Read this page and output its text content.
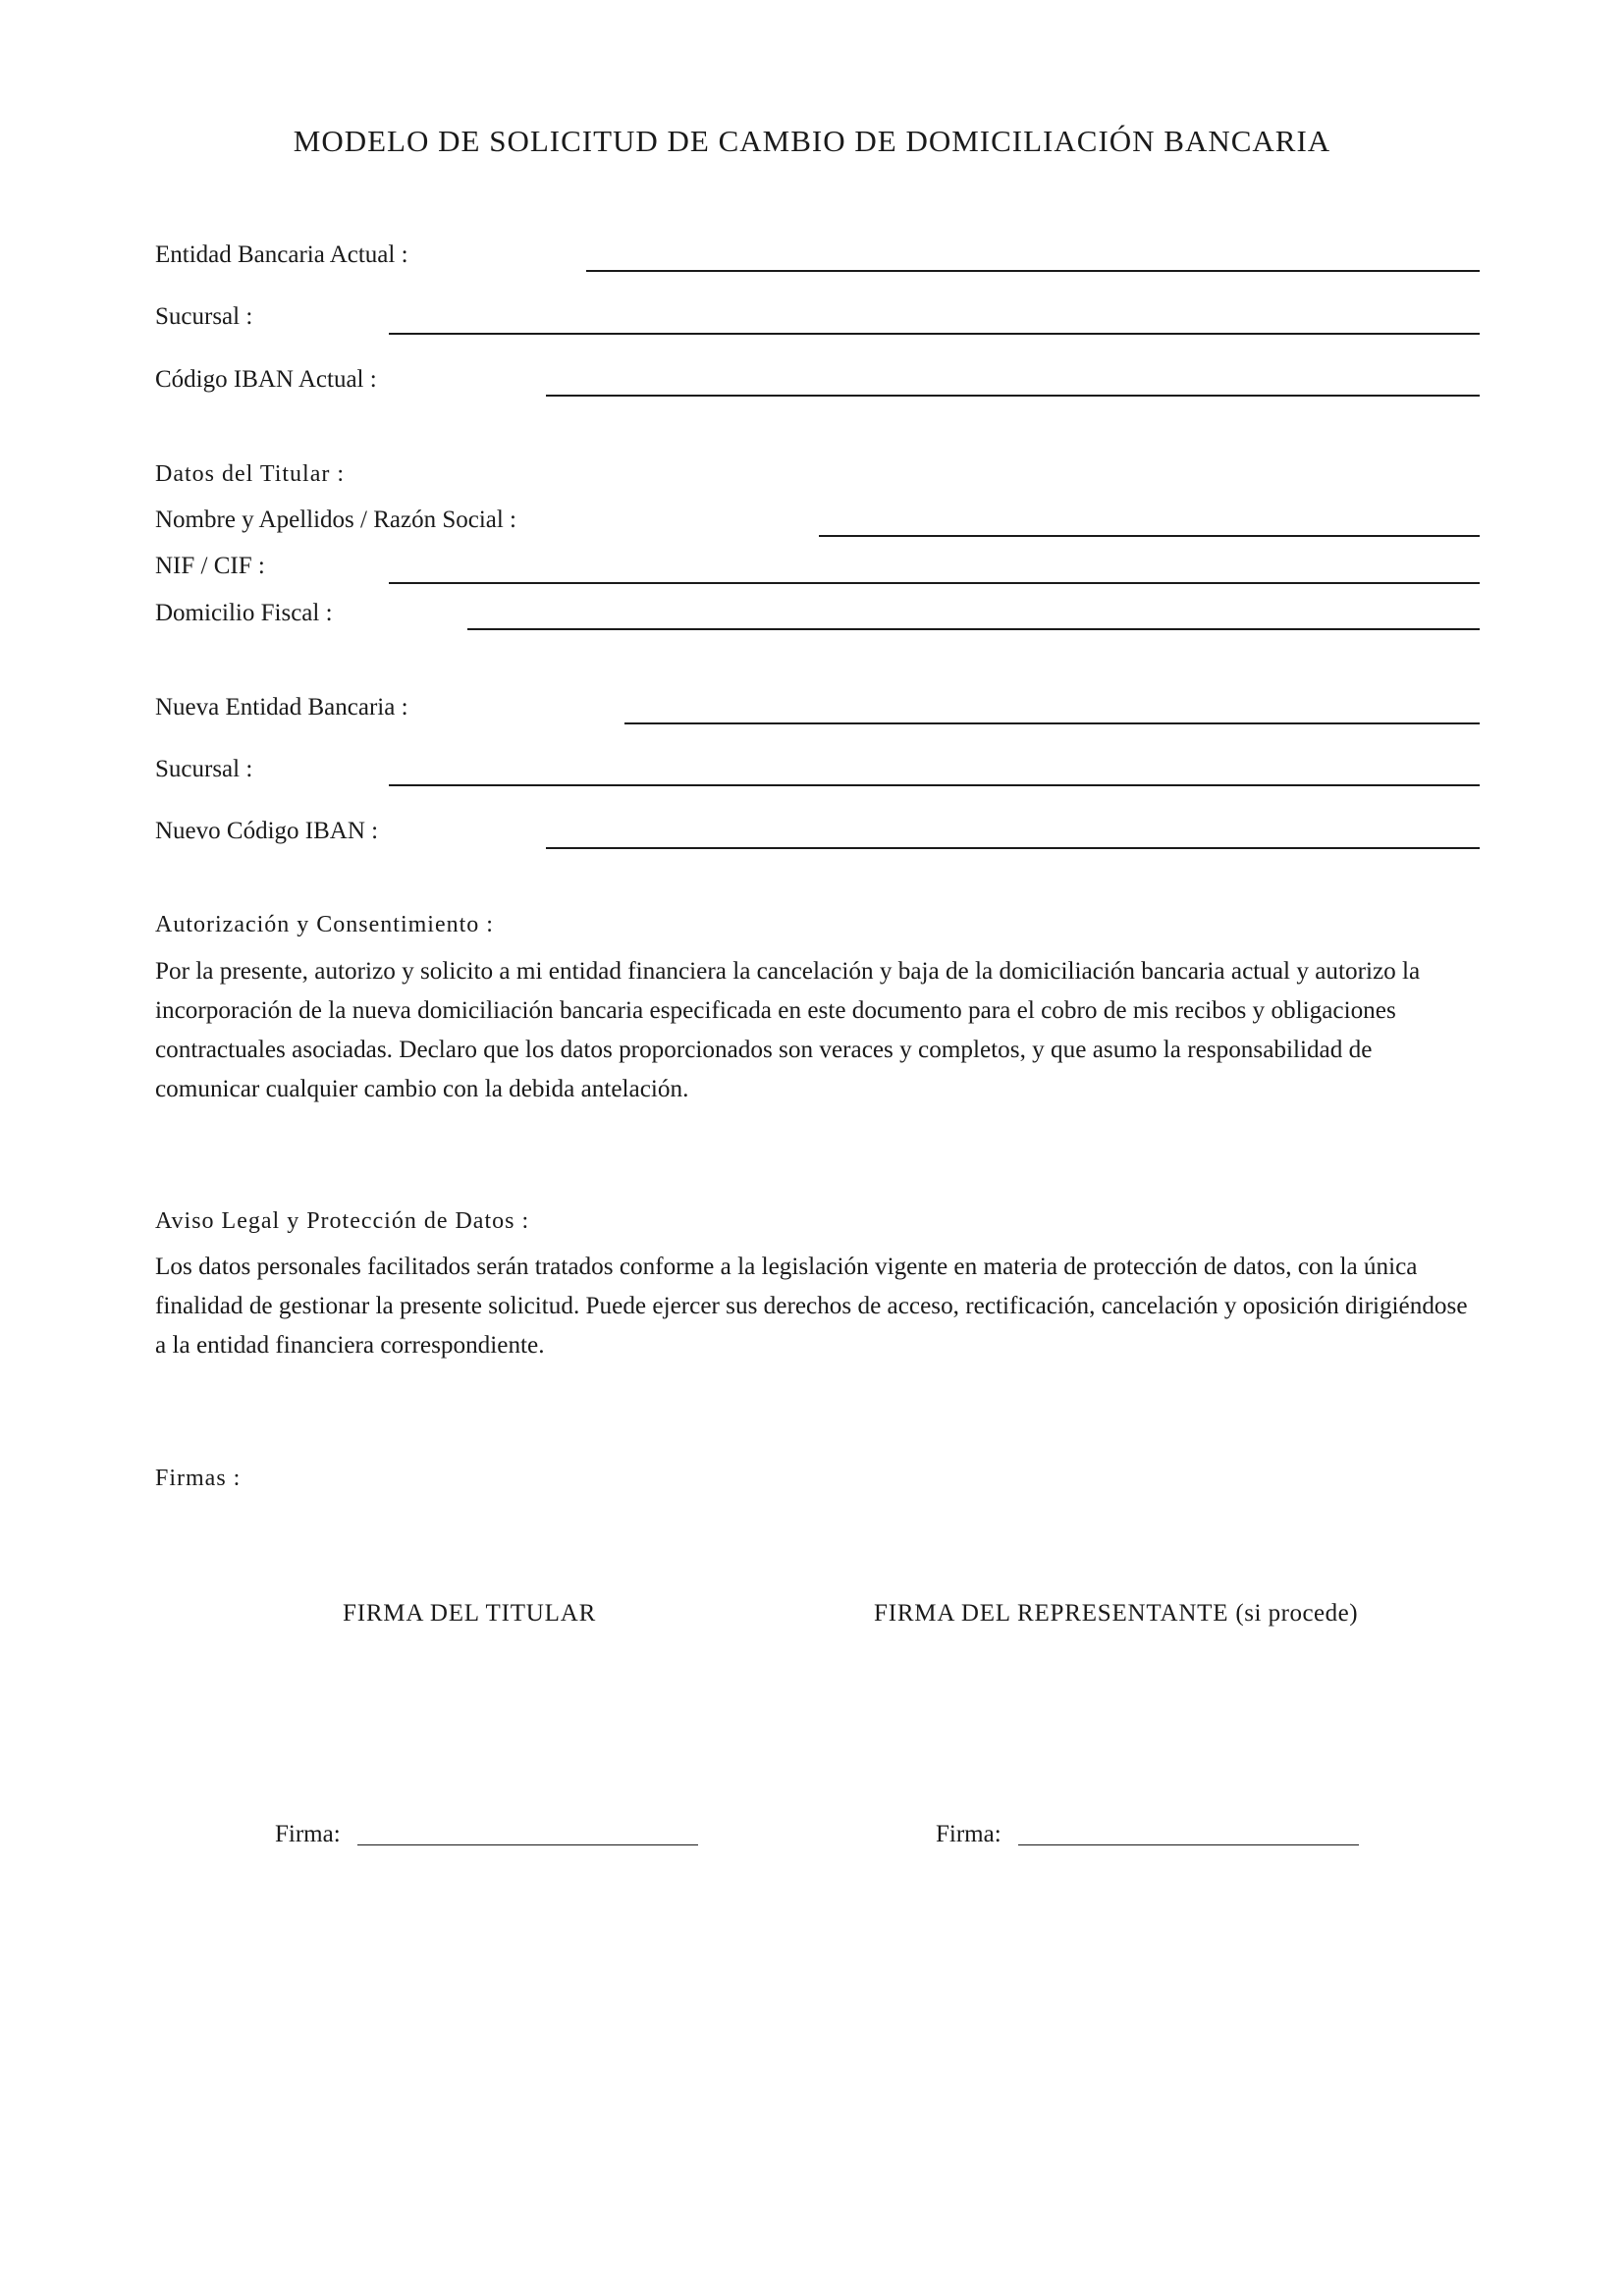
MODELO DE SOLICITUD DE CAMBIO DE DOMICILIACIÓN BANCARIA
Entidad Bancaria Actual :
Sucursal :
Código IBAN Actual :
Datos del Titular :
Nombre y Apellidos / Razón Social :
NIF / CIF :
Domicilio Fiscal :
Nueva Entidad Bancaria :
Sucursal :
Nuevo Código IBAN :
Autorización y Consentimiento :
Por la presente, autorizo y solicito a mi entidad financiera la cancelación y baja de la domiciliación bancaria actual y autorizo la incorporación de la nueva domiciliación bancaria especificada en este documento para el cobro de mis recibos y obligaciones contractuales asociadas. Declaro que los datos proporcionados son veraces y completos, y que asumo la responsabilidad de comunicar cualquier cambio con la debida antelación.
Aviso Legal y Protección de Datos :
Los datos personales facilitados serán tratados conforme a la legislación vigente en materia de protección de datos, con la única finalidad de gestionar la presente solicitud. Puede ejercer sus derechos de acceso, rectificación, cancelación y oposición dirigiéndose a la entidad financiera correspondiente.
Firmas :
FIRMA DEL TITULAR	FIRMA DEL REPRESENTANTE (si procede)
Firma:	Firma:
